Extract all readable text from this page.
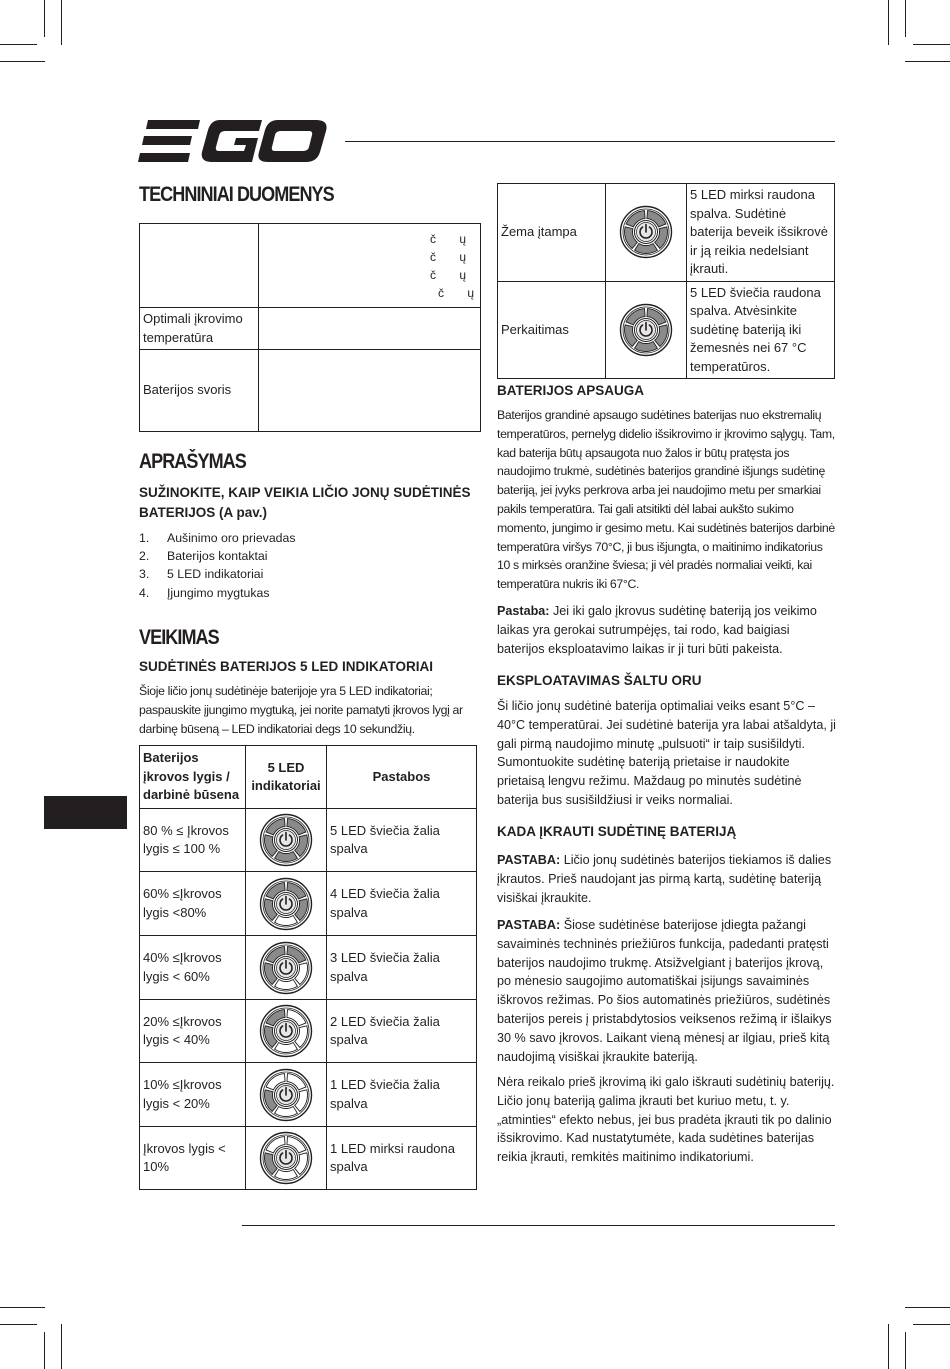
TECHNINIAI DUOMENYS

	č       ų
č       ų
č       ų
č       ų

Optimali įkrovimo temperatūra	
Baterijos svoris	
APRAŠYMAS
SUŽINOKITE, KAIP VEIKIA LIČIO JONŲ SUDĖTINĖS BATERIJOS (A pav.)
1.	Aušinimo oro prievadas
2.	Baterijos kontaktai
3.	5 LED indikatoriai
4.	Įjungimo mygtukas
VEIKIMAS
SUDĖTINĖS BATERIJOS 5 LED INDIKATORIAI

Šioje ličio jonų sudėtinėje baterijoje yra 5 LED indikatoriai; paspauskite įjungimo mygtuką, jei norite pamatyti įkrovos lygį ar darbinę būseną – LED indikatoriai degs 10 sekundžių.

Baterijos įkrovos lygis / darbinė būsena	5 LED indikatoriai	Pastabos
80 % ≤ Įkrovos lygis ≤ 100 %		5 LED šviečia žalia spalva
60% ≤Įkrovos lygis <80%		4 LED šviečia žalia spalva
40% ≤Įkrovos lygis < 60%		3 LED šviečia žalia spalva
20% ≤Įkrovos lygis < 40%		2 LED šviečia žalia spalva
10% ≤Įkrovos lygis < 20%		1 LED šviečia žalia spalva
Įkrovos lygis < 10%		1 LED mirksi raudona spalva
Žema įtampa		5 LED mirksi raudona spalva. Sudėtinė baterija beveik išsikrovė ir ją reikia nedelsiant įkrauti.
Perkaitimas		5 LED šviečia raudona spalva. Atvėsinkite sudėtinę bateriją iki žemesnės nei 67 °C temperatūros.
BATERIJOS APSAUGA

Baterijos grandinė apsaugo sudėtines baterijas nuo ekstremalių temperatūros, pernelyg didelio išsikrovimo ir įkrovimo sąlygų. Tam, kad baterija būtų apsaugota nuo žalos ir būtų pratęsta jos naudojimo trukmė, sudėtinės baterijos grandinė išjungs sudėtinę bateriją, jei įvyks perkrova arba jei naudojimo metu per smarkiai pakils temperatūra. Tai gali atsitikti dėl labai aukšto sukimo momento, jungimo ir gesimo metu. Kai sudėtinės baterijos darbinė temperatūra viršys 70°C, ji bus išjungta, o maitinimo indikatorius 10 s mirksės oranžine šviesa; ji vėl pradės normaliai veikti, kai temperatūra nukris iki 67°C.

Pastaba: Jei iki galo įkrovus sudėtinę bateriją jos veikimo laikas yra gerokai sutrumpėjęs, tai rodo, kad baigiasi baterijos eksploatavimo laikas ir ji turi būti pakeista.

EKSPLOATAVIMAS ŠALTU ORU

Ši ličio jonų sudėtinė baterija optimaliai veiks esant 5°C – 40°C temperatūrai. Jei sudėtinė baterija yra labai atšaldyta, ji gali pirmą naudojimo minutę „pulsuoti“ ir taip susišildyti. Sumontuokite sudėtinę bateriją prietaise ir naudokite prietaisą lengvu režimu. Maždaug po minutės sudėtinė baterija bus susišildžiusi ir veiks normaliai.

KADA ĮKRAUTI SUDĖTINĘ BATERIJĄ

PASTABA: Ličio jonų sudėtinės baterijos tiekiamos iš dalies įkrautos. Prieš naudojant jas pirmą kartą, sudėtinę bateriją visiškai įkraukite.

PASTABA: Šiose sudėtinėse baterijose įdiegta pažangi savaiminės techninės priežiūros funkcija, padedanti pratęsti baterijos naudojimo trukmę. Atsižvelgiant į baterijos įkrovą, po mėnesio saugojimo automatiškai įsijungs savaiminės iškrovos režimas. Po šios automatinės priežiūros, sudėtinės baterijos pereis į pristabdytosios veiksenos režimą ir išlaikys 30 % savo įkrovos. Laikant vieną mėnesį ar ilgiau, prieš kitą naudojimą visiškai įkraukite bateriją.

Nėra reikalo prieš įkrovimą iki galo iškrauti sudėtinių baterijų. Ličio jonų bateriją galima įkrauti bet kuriuo metu, t. y. „atminties“ efekto nebus, jei bus pradėta įkrauti tik po dalinio išsikrovimo. Kad nustatytumėte, kada sudėtines baterijas reikia įkrauti, remkitės maitinimo indikatoriumi.
